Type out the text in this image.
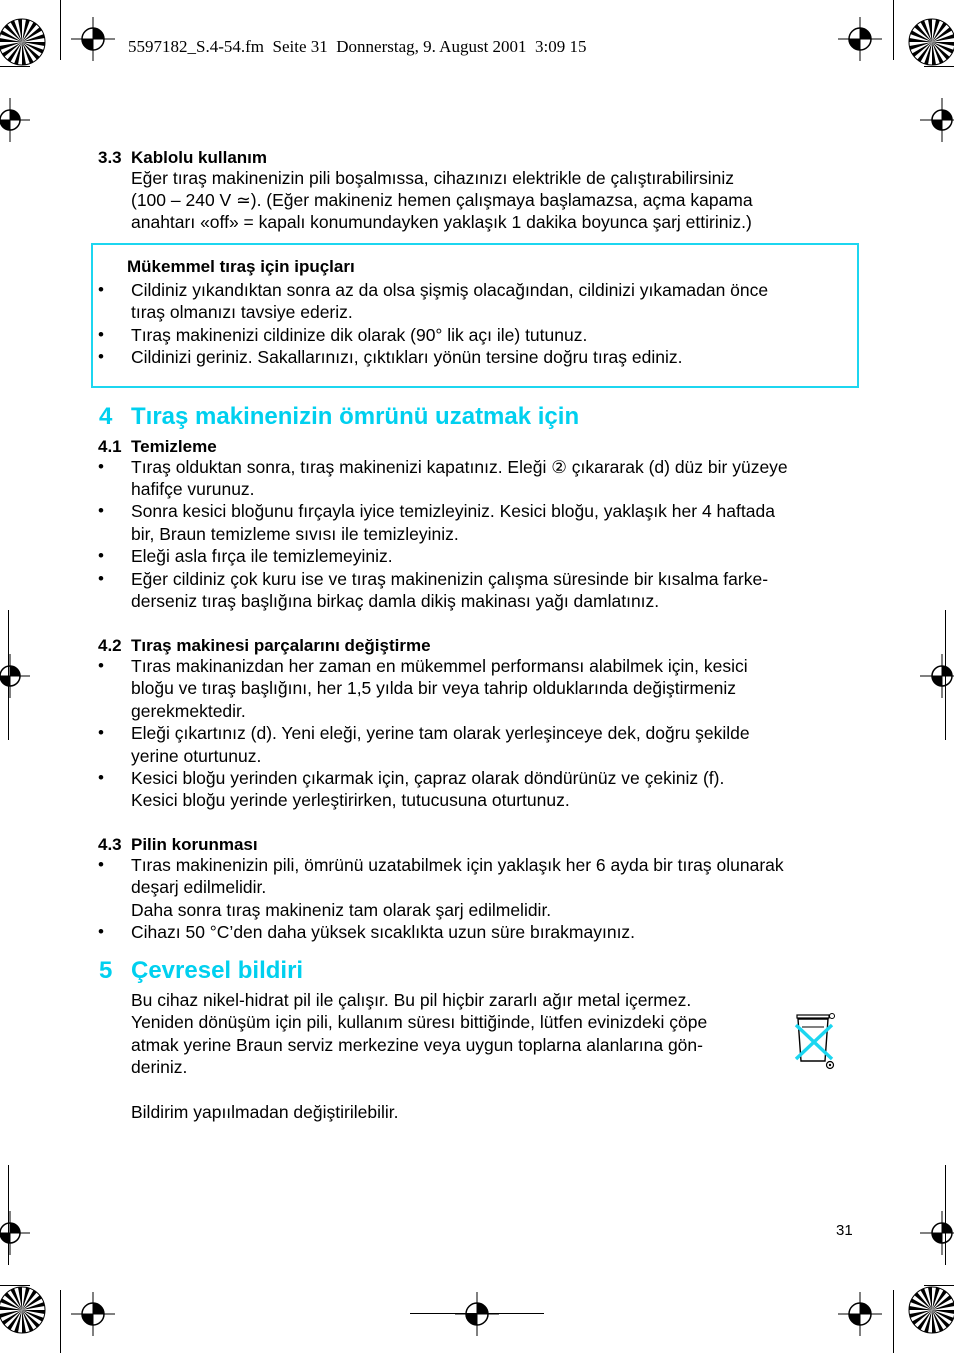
5597182_S.4-54.fm  Seite 31  Donnerstag, 9. August 2001  3:09 15
3.3 Kablolu kullanım
Eğer tıraş makinenizin pili boşalmıssa, cihazınızı elektrikle de çalıştırabilirsiniz
(100 – 240 V ≃). (Eğer makineniz hemen çalışmaya başlamazsa, açma kapama
anahtarı «off» = kapalı konumundayken yaklaşık 1 dakika boyunca şarj ettiriniz.)
Mükemmel tıraş için ipuçları
• Cildiniz yıkandıktan sonra az da olsa şişmiş olacağından, cildinizi yıkamadan önce
tıraş olmanızı tavsiye ederiz.
• Tıraş makinenizi cildinize dik olarak (90° lik açı ile) tutunuz.
• Cildinizi geriniz. Sakallarınızı, çıktıkları yönün tersine doğru tıraş ediniz.
4 Tıraş makinenizin ömrünü uzatmak için
4.1 Temizleme
• Tıraş olduktan sonra, tıraş makinenizi kapatınız. Eleği ② çıkararak (d) düz bir yüzeye
hafifçe vurunuz.
• Sonra kesici bloğunu fırçayla iyice temizleyiniz. Kesici bloğu, yaklaşık her 4 haftada
bir, Braun temizleme sıvısı ile temizleyiniz.
• Eleği asla fırça ile temizlemeyiniz.
• Eğer cildiniz çok kuru ise ve tıraş makinenizin çalışma süresinde bir kısalma farke-
derseniz tıraş başlığına birkaç damla dikiş makinası yağı damlatınız.
4.2 Tıraş makinesi parçalarını değiştirme
• Tıras makinanizdan her zaman en mükemmel performansı alabilmek için, kesici
bloğu ve tıraş başlığını, her 1,5 yılda bir veya tahrip olduklarında değiştirmeniz
gerekmektedir.
• Eleği çıkartınız (d). Yeni eleği, yerine tam olarak yerleşinceye dek, doğru şekilde
yerine oturtunuz.
• Kesici bloğu yerinden çıkarmak için, çapraz olarak döndürünüz ve çekiniz (f).
Kesici bloğu yerinde yerleştirirken, tutucusuna oturtunuz.
4.3 Pilin korunması
• Tıras makinenizin pili, ömrünü uzatabilmek için yaklaşık her 6 ayda bir tıraş olunarak
deşarj edilmelidir.
Daha sonra tıraş makineniz tam olarak şarj edilmelidir.
• Cihazı 50 °C’den daha yüksek sıcaklıkta uzun süre bırakmayınız.
5 Çevresel bildiri
Bu cihaz nikel-hidrat pil ile çalışır. Bu pil hiçbir zararlı ağır metal içermez.
Yeniden dönüşüm için pili, kullanım süresı bittiğinde, lütfen evinizdeki çöpe
atmak yerine Braun serviz merkezine veya uygun toplarna alanlarına gön-
deriniz.
Bildirim yapıılmadan değiştirilebilir.
31
